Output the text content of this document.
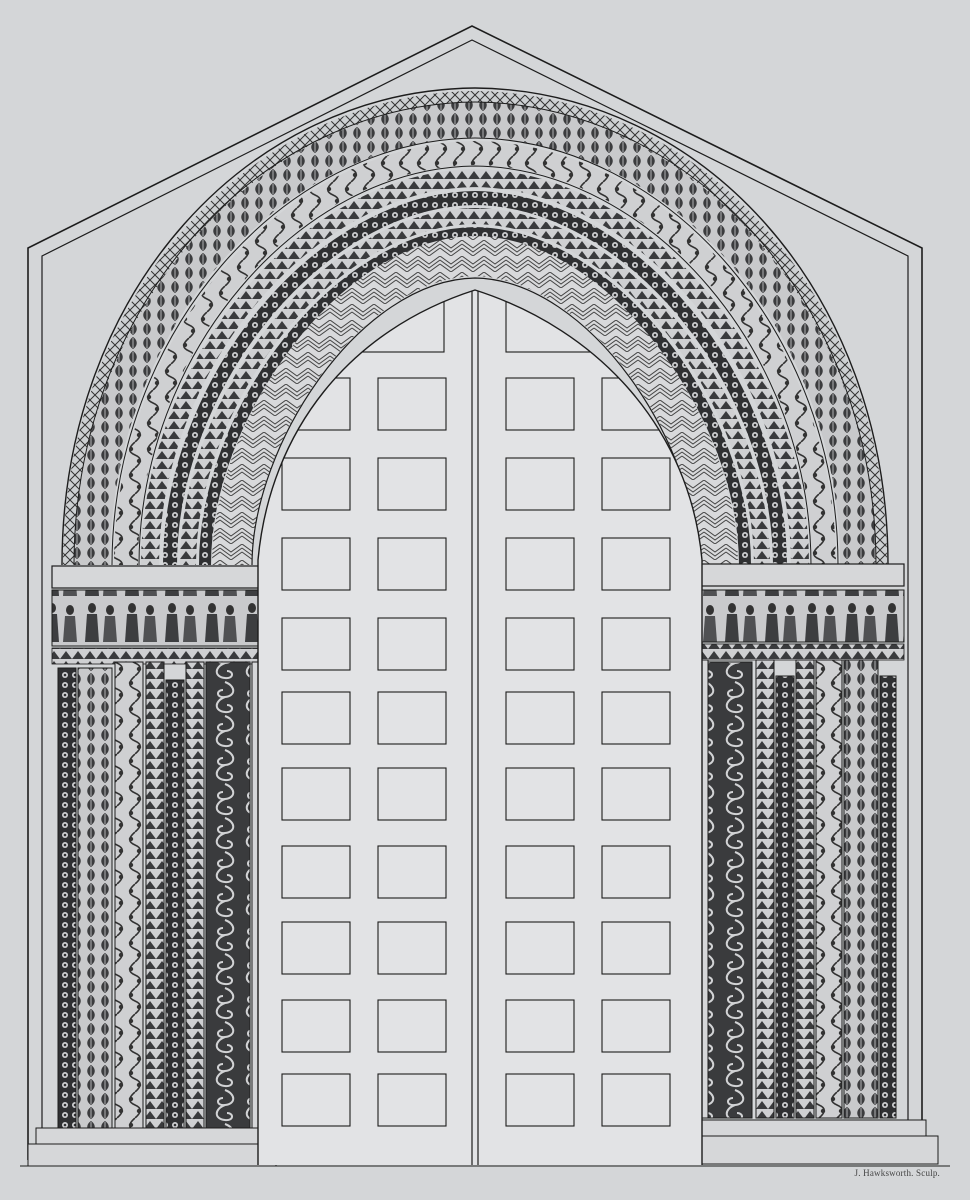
J. Hawksworth. Sculp.
